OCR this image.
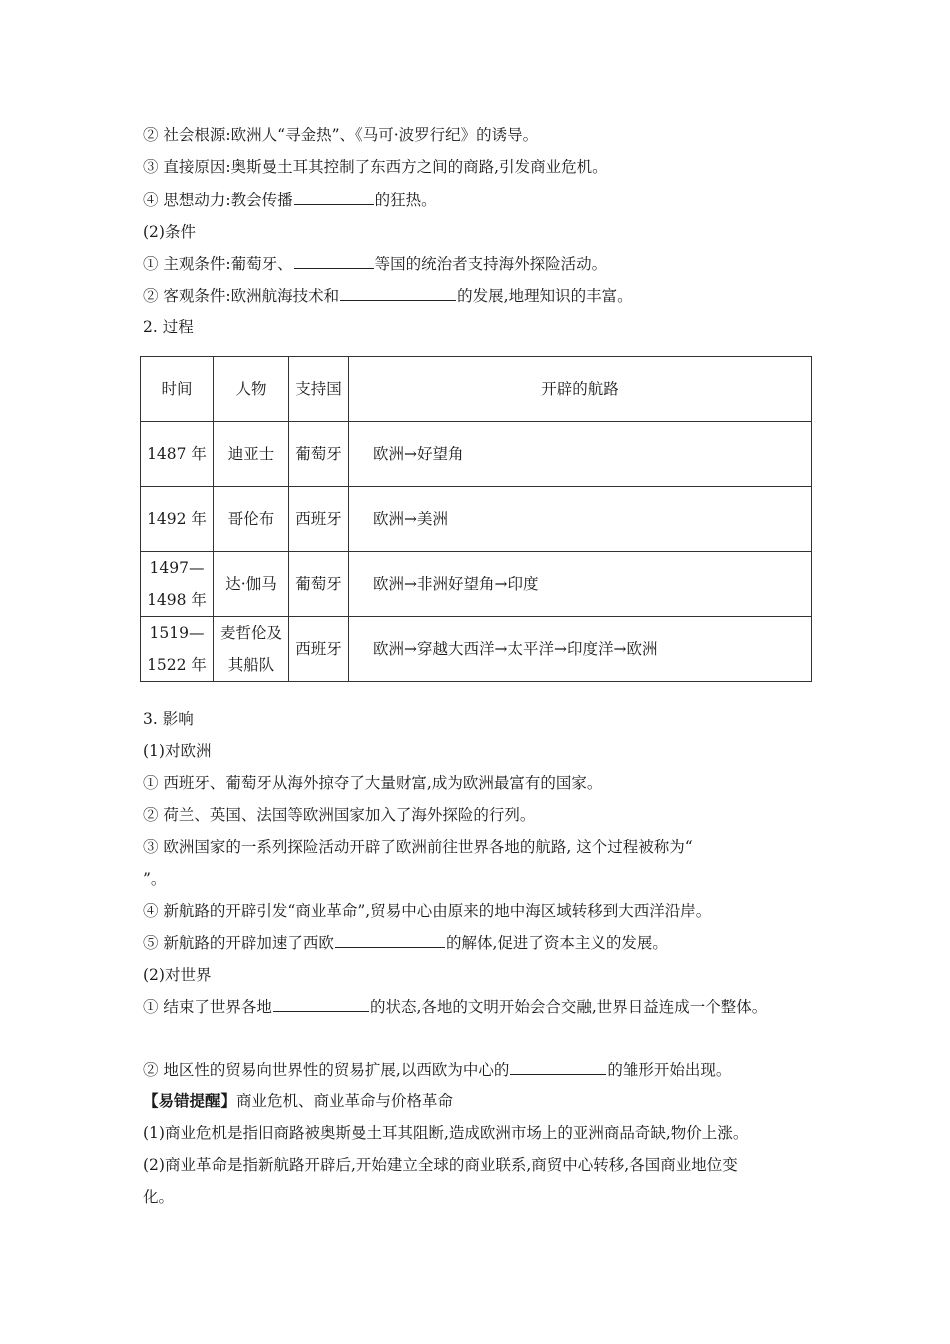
② 社会根源:欧洲人“寻金热”、《马可·波罗行纪》的诱导。
③ 直接原因:奥斯曼土耳其控制了东西方之间的商路,引发商业危机。
④ 思想动力:教会传播	的狂热。
(2)条件
① 主观条件:葡萄牙、	等国的统治者支持海外探险活动。
② 客观条件:欧洲航海技术和	的发展,地理知识的丰富。
2. 过程
时间	人物	支持国	开辟的航路
1487 年	迪亚士	葡萄牙	欧洲→好望角
1492 年	哥伦布	西班牙	欧洲→美洲
1497—1498 年	达·伽马	葡萄牙	欧洲→非洲好望角→印度
1519—1522 年	麦哲伦及其船队	西班牙	欧洲→穿越大西洋→太平洋→印度洋→欧洲
3. 影响
(1)对欧洲
① 西班牙、葡萄牙从海外掠夺了大量财富,成为欧洲最富有的国家。
② 荷兰、英国、法国等欧洲国家加入了海外探险的行列。
③ 欧洲国家的一系列探险活动开辟了欧洲前往世界各地的航路, 这个过程被称为“
”。
④ 新航路的开辟引发“商业革命”,贸易中心由原来的地中海区域转移到大西洋沿岸。
⑤ 新航路的开辟加速了西欧	的解体,促进了资本主义的发展。
(2)对世界
① 结束了世界各地	的状态,各地的文明开始会合交融,世界日益连成一个整体。
② 地区性的贸易向世界性的贸易扩展,以西欧为中心的	的雏形开始出现。
【易错提醒】商业危机、商业革命与价格革命
(1)商业危机是指旧商路被奥斯曼土耳其阻断,造成欧洲市场上的亚洲商品奇缺,物价上涨。
(2)商业革命是指新航路开辟后,开始建立全球的商业联系,商贸中心转移,各国商业地位变
化。
